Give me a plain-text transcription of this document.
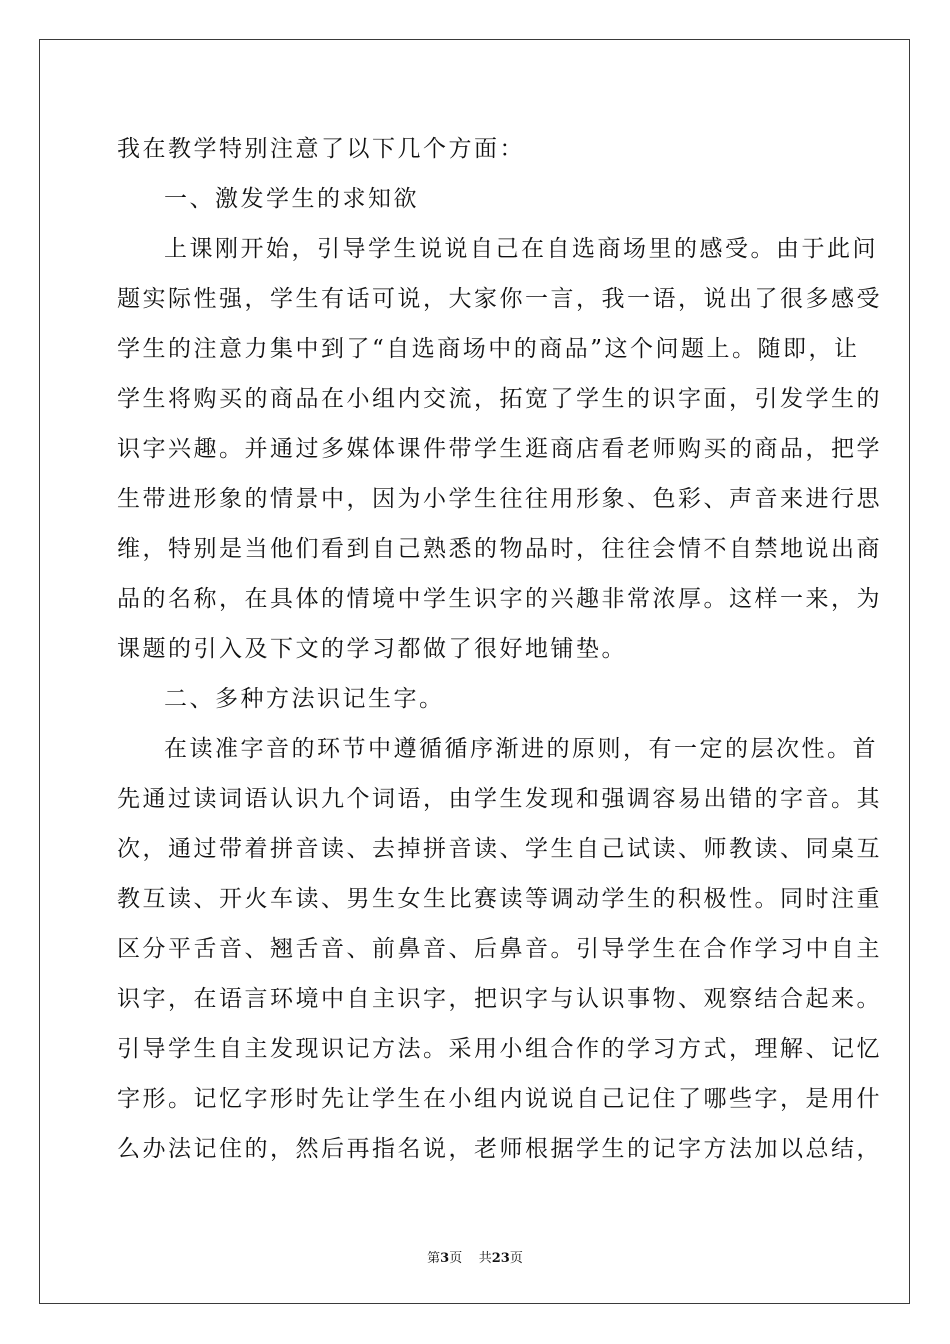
我在教学特别注意了以下几个方面：
一、激发学生的求知欲
上课刚开始，引导学生说说自己在自选商场里的感受。由于此问
题实际性强，学生有话可说，大家你一言，我一语，说出了很多感受
学生的注意力集中到了“自选商场中的商品”这个问题上。随即，让
学生将购买的商品在小组内交流，拓宽了学生的识字面，引发学生的
识字兴趣。并通过多媒体课件带学生逛商店看老师购买的商品，把学
生带进形象的情景中，因为小学生往往用形象、色彩、声音来进行思
维，特别是当他们看到自己熟悉的物品时，往往会情不自禁地说出商
品的名称，在具体的情境中学生识字的兴趣非常浓厚。这样一来，为
课题的引入及下文的学习都做了很好地铺垫。
二、多种方法识记生字。
在读准字音的环节中遵循循序渐进的原则，有一定的层次性。首
先通过读词语认识九个词语，由学生发现和强调容易出错的字音。其
次，通过带着拼音读、去掉拼音读、学生自己试读、师教读、同桌互
教互读、开火车读、男生女生比赛读等调动学生的积极性。同时注重
区分平舌音、翘舌音、前鼻音、后鼻音。引导学生在合作学习中自主
识字，在语言环境中自主识字，把识字与认识事物、观察结合起来。
引导学生自主发现识记方法。采用小组合作的学习方式，理解、记忆
字形。记忆字形时先让学生在小组内说说自己记住了哪些字，是用什
么办法记住的，然后再指名说，老师根据学生的记字方法加以总结，
第3页 共23页
